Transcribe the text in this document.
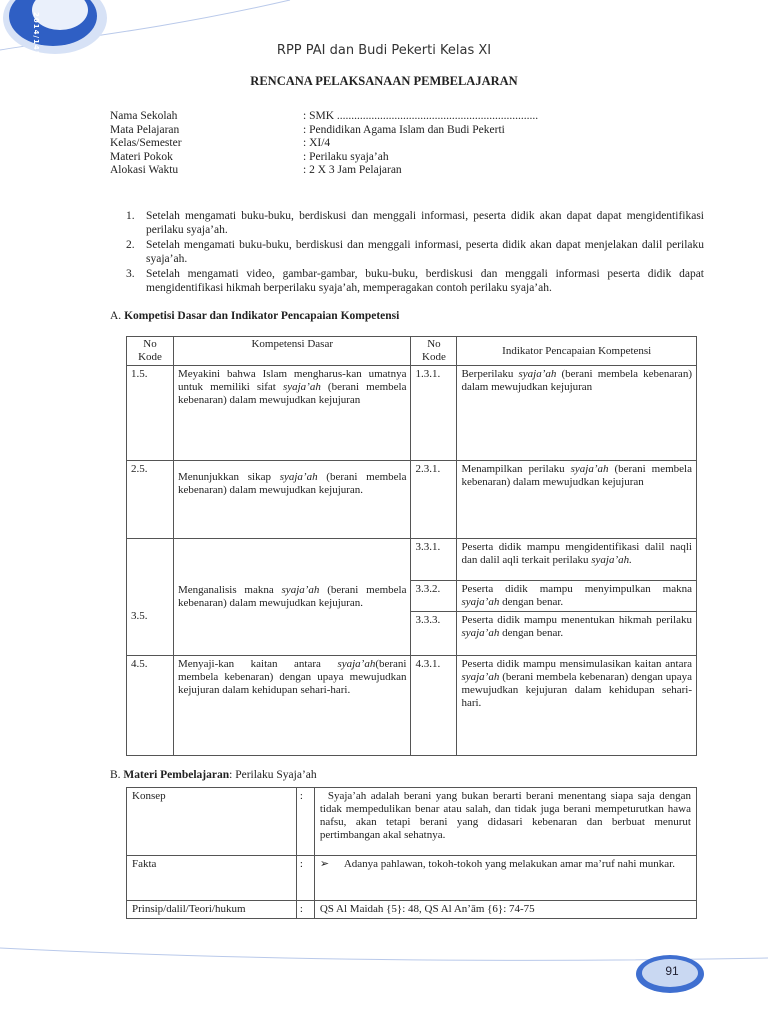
2014/145	RPP PAI dan Budi Pekerti Kelas XI
RENCANA PELAKSANAAN PEMBELAJARAN
Nama Sekolah	: SMK ......................................................................
Mata Pelajaran	: Pendidikan Agama Islam dan Budi Pekerti
Kelas/Semester	: XI/4
Materi Pokok	: Perilaku syaja’ah
Alokasi Waktu	: 2 X 3 Jam Pelajaran
1. Setelah mengamati buku-buku, berdiskusi dan menggali informasi, peserta didik akan dapat dapat mengidentifikasi perilaku syaja’ah.
2. Setelah mengamati buku-buku, berdiskusi dan menggali informasi, peserta didik akan dapat menjelakan dalil perilaku syaja’ah.
3. Setelah mengamati video, gambar-gambar, buku-buku, berdiskusi dan menggali informasi peserta didik dapat mengidentifikasi hikmah berperilaku syaja’ah, memperagakan contoh perilaku syaja’ah.
A. Kompetisi Dasar dan Indikator Pencapaian Kompetensi
No Kode	Kompetensi Dasar	No Kode	Indikator Pencapaian Kompetensi
1.5.	Meyakini bahwa Islam mengharus-kan umatnya untuk memiliki sifat syaja’ah (berani membela kebenaran) dalam mewujudkan kejujuran	1.3.1.	Berperilaku syaja’ah (berani membela kebenaran) dalam mewujudkan kejujuran
2.5.	Menunjukkan sikap syaja’ah (berani membela kebenaran) dalam mewujudkan kejujuran.	2.3.1.	Menampilkan perilaku syaja’ah (berani membela kebenaran) dalam mewujudkan kejujuran
3.5.	Menganalisis makna syaja’ah (berani membela kebenaran) dalam mewujudkan kejujuran.	3.3.1.	Peserta didik mampu mengidentifikasi dalil naqli dan dalil aqli terkait perilaku syaja’ah.
		3.3.2.	Peserta didik mampu menyimpulkan makna syaja’ah dengan benar.
		3.3.3.	Peserta didik mampu menentukan hikmah perilaku syaja’ah dengan benar.
4.5.	Menyaji-kan kaitan antara syaja’ah(berani membela kebenaran) dengan upaya mewujudkan kejujuran dalam kehidupan sehari-hari.	4.3.1.	Peserta didik mampu mensimulasikan kaitan antara syaja’ah (berani membela kebenaran) dengan upaya mewujudkan kejujuran dalam kehidupan sehari-hari.
B. Materi Pembelajaran: Perilaku Syaja’ah
Konsep	:	Syaja’ah adalah berani yang bukan berarti berani menentang siapa saja dengan tidak mempedulikan benar atau salah, dan tidak juga berani mempeturutkan hawa nafsu, akan tetapi berani yang didasari kebenaran dan berbuat menurut pertimbangan akal sehatnya.
Fakta	:	➢ Adanya pahlawan, tokoh-tokoh yang melakukan amar ma’ruf nahi munkar.

Prinsip/dalil/Teori/hukum	:	QS Al Maidah {5}: 48, QS Al An’ām {6}: 74-75
91
